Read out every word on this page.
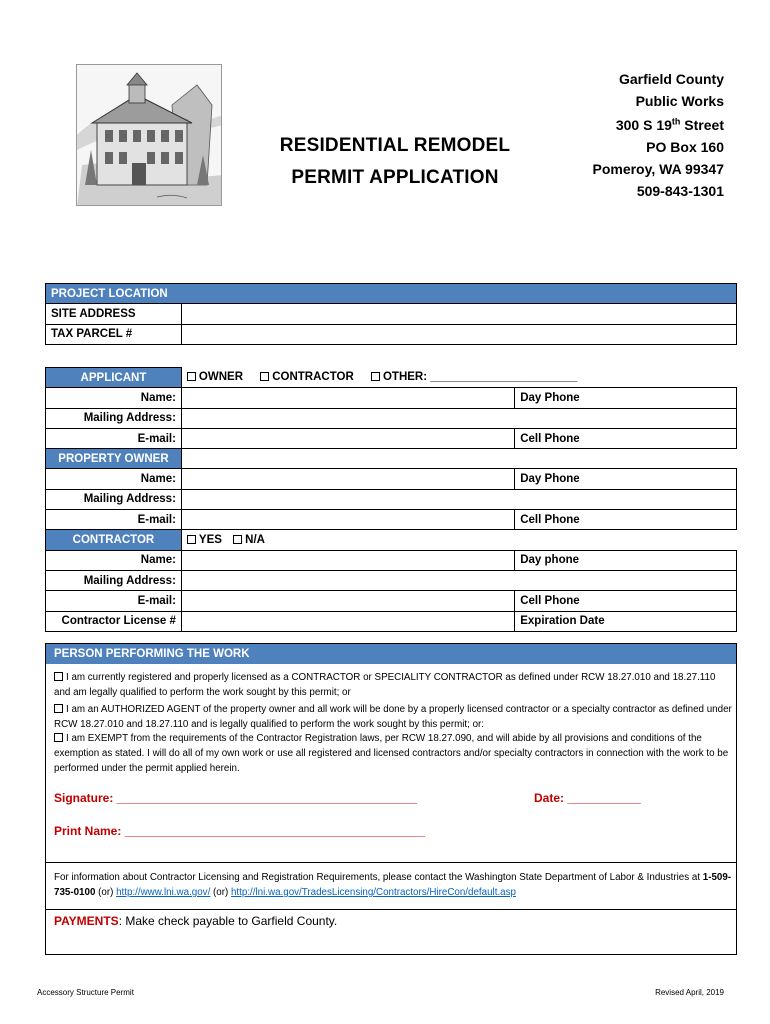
RESIDENTIAL REMODEL
PERMIT APPLICATION
Garfield County
Public Works
300 S 19th Street
PO Box 160
Pomeroy, WA 99347
509-843-1301
PROJECT LOCATION	
SITE ADDRESS	
TAX PARCEL #	
APPLICANT	OWNER CONTRACTOR OTHER: _______________________	
Name:		Day Phone
Mailing Address:		
E-mail:		Cell Phone
PROPERTY OWNER		
Name:		Day Phone
Mailing Address:		
E-mail:		Cell Phone
CONTRACTOR	YES N/A	
Name:		Day phone
Mailing Address:		
E-mail:		Cell Phone
Contractor License #		Expiration Date
PERSON PERFORMING THE WORK
I am currently registered and properly licensed as a CONTRACTOR or SPECIALITY CONTRACTOR as defined under RCW 18.27.010 and 18.27.110 and am legally qualified to perform the work sought by this permit; or
I am an AUTHORIZED AGENT of the property owner and all work will be done by a properly licensed contractor or a specialty contractor as defined under RCW 18.27.010 and 18.27.110 and is legally qualified to perform the work sought by this permit; or:
I am EXEMPT from the requirements of the Contractor Registration laws, per RCW 18.27.090, and will abide by all provisions and conditions of the exemption as stated. I will do all of my own work or use all registered and licensed contractors and/or specialty contractors in connection with the work to be performed under the permit applied herein.
Signature: _____________________________________________	Date: ___________
Print Name: _____________________________________________
For information about Contractor Licensing and Registration Requirements, please contact the Washington State Department of Labor & Industries at 1-509-735-0100 (or) http://www.lni.wa.gov/ (or) http://lni.wa.gov/TradesLicensing/Contractors/HireCon/default.asp
PAYMENTS: Make check payable to Garfield County.
Accessory Structure Permit	Revised April, 2019
